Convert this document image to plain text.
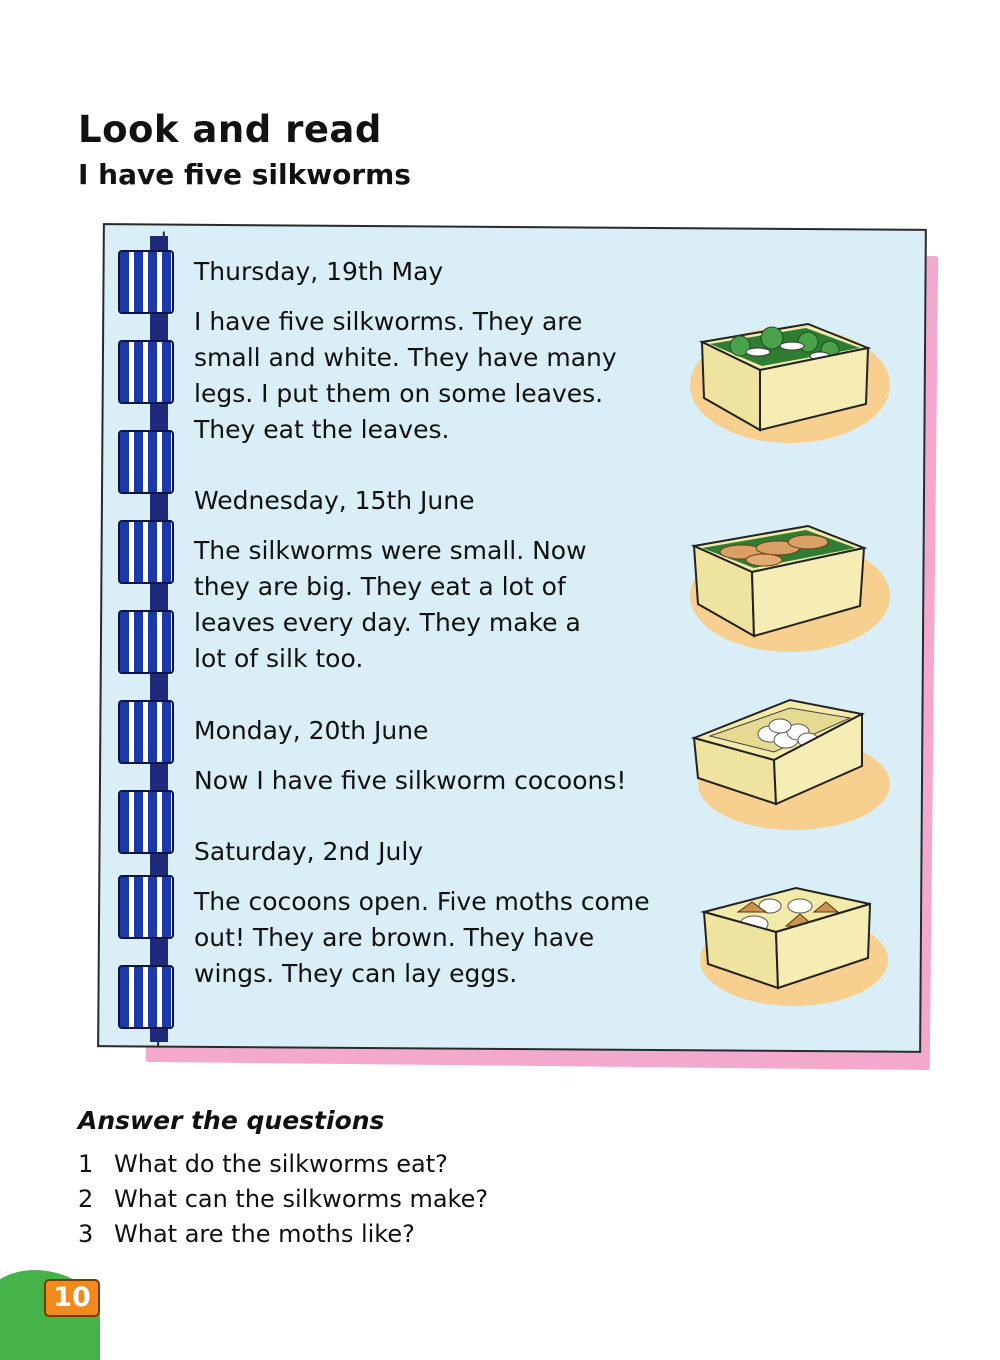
Look and read
I have five silkworms

Thursday, 19th May

I have five silkworms. They are
small and white. They have many
legs. I put them on some leaves.
They eat the leaves.

Wednesday, 15th June

The silkworms were small. Now
they are big. They eat a lot of
leaves every day. They make a
lot of silk too.

Monday, 20th June

Now I have five silkworm cocoons!

Saturday, 2nd July

The cocoons open. Five moths come
out! They are brown. They have
wings. They can lay eggs.

Answer the questions

1 What do the silkworms eat?

2 What can the silkworms make?

3 What are the moths like?

10
